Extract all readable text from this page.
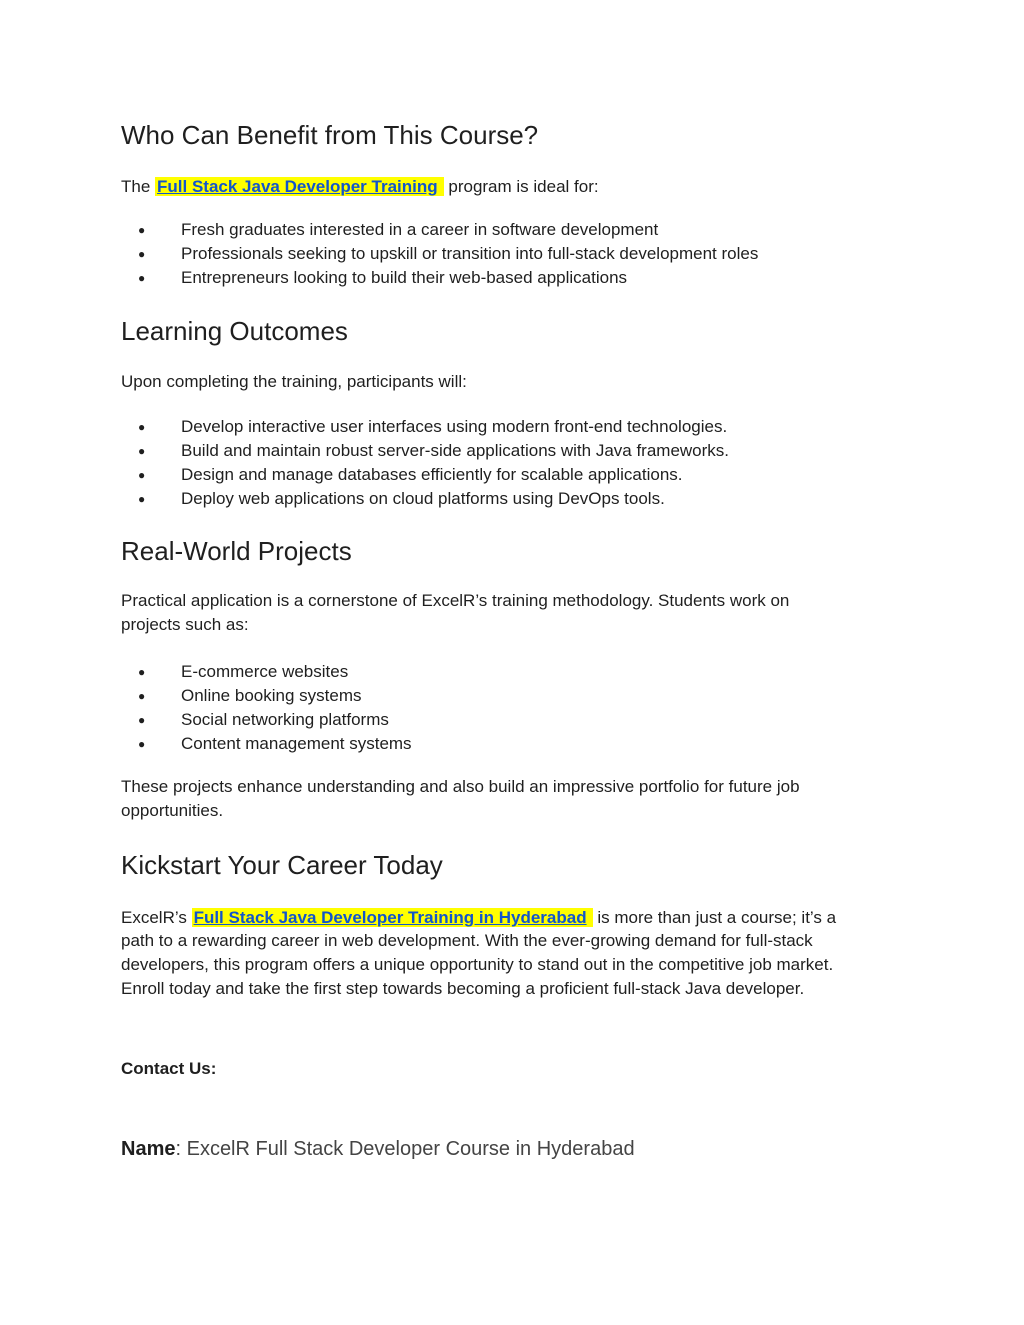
Who Can Benefit from This Course?

The Full Stack Java Developer Training program is ideal for:

● Fresh graduates interested in a career in software development
● Professionals seeking to upskill or transition into full-stack development roles
● Entrepreneurs looking to build their web-based applications
Learning Outcomes

Upon completing the training, participants will:

● Develop interactive user interfaces using modern front-end technologies.
● Build and maintain robust server-side applications with Java frameworks.
● Design and manage databases efficiently for scalable applications.
● Deploy web applications on cloud platforms using DevOps tools.
Real-World Projects

Practical application is a cornerstone of ExcelR’s training methodology. Students work on

projects such as:

● E-commerce websites
● Online booking systems
● Social networking platforms
● Content management systems

These projects enhance understanding and also build an impressive portfolio for future job

opportunities.

Kickstart Your Career Today

ExcelR’s Full Stack Java Developer Training in Hyderabad is more than just a course; it’s a

path to a rewarding career in web development. With the ever-growing demand for full-stack

developers, this program offers a unique opportunity to stand out in the competitive job market.

Enroll today and take the first step towards becoming a proficient full-stack Java developer.

Contact Us:

Name: ExcelR Full Stack Developer Course in Hyderabad
